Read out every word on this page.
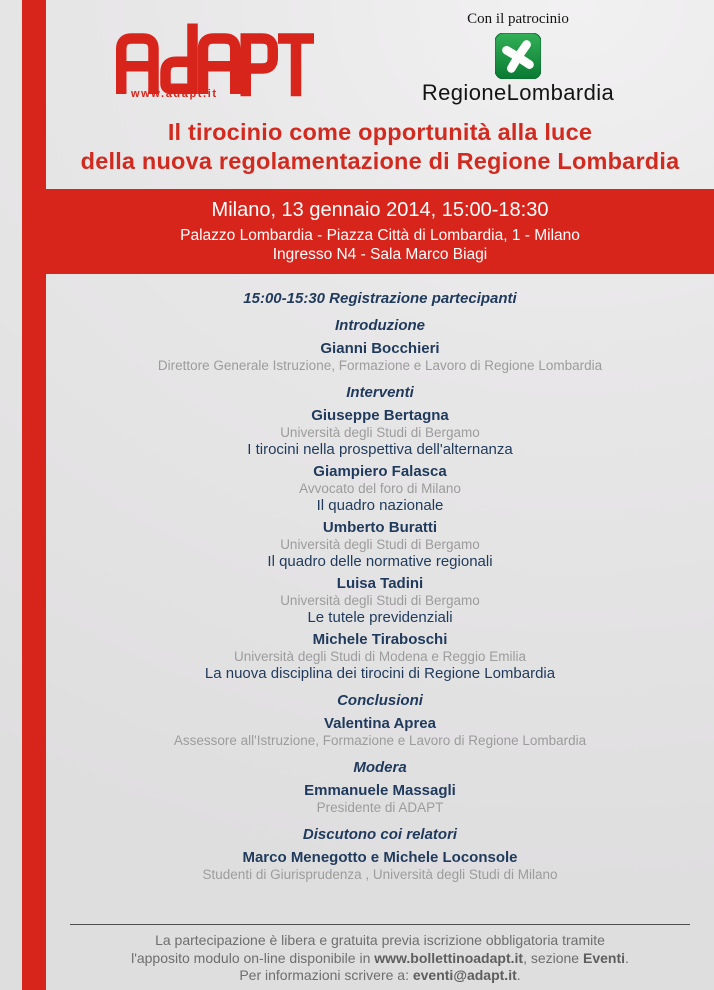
www.adapt.it
Con il patrocinio
RegioneLombardia
Il tirocinio come opportunità alla luce
della nuova regolamentazione di Regione Lombardia
Milano, 13 gennaio 2014, 15:00-18:30
Palazzo Lombardia - Piazza Città di Lombardia, 1 - Milano
Ingresso N4 - Sala Marco Biagi

15:00-15:30 Registrazione partecipanti

Introduzione
Gianni Bocchieri
Direttore Generale Istruzione, Formazione e Lavoro di Regione Lombardia
Interventi
Giuseppe Bertagna
Università degli Studi di Bergamo
I tirocini nella prospettiva dell'alternanza
Giampiero Falasca
Avvocato del foro di Milano
Il quadro nazionale
Umberto Buratti
Università degli Studi di Bergamo
Il quadro delle normative regionali
Luisa Tadini
Università degli Studi di Bergamo
Le tutele previdenziali
Michele Tiraboschi
Università degli Studi di Modena e Reggio Emilia
La nuova disciplina dei tirocini di Regione Lombardia
Conclusioni
Valentina Aprea
Assessore all'Istruzione, Formazione e Lavoro di Regione Lombardia
Modera
Emmanuele Massagli
Presidente di ADAPT
Discutono coi relatori
Marco Menegotto e Michele Loconsole
Studenti di Giurisprudenza , Università degli Studi di Milano
La partecipazione è libera e gratuita previa iscrizione obbligatoria tramite
l'apposito modulo on-line disponibile in www.bollettinoadapt.it, sezione Eventi.
Per informazioni scrivere a: eventi@adapt.it.
